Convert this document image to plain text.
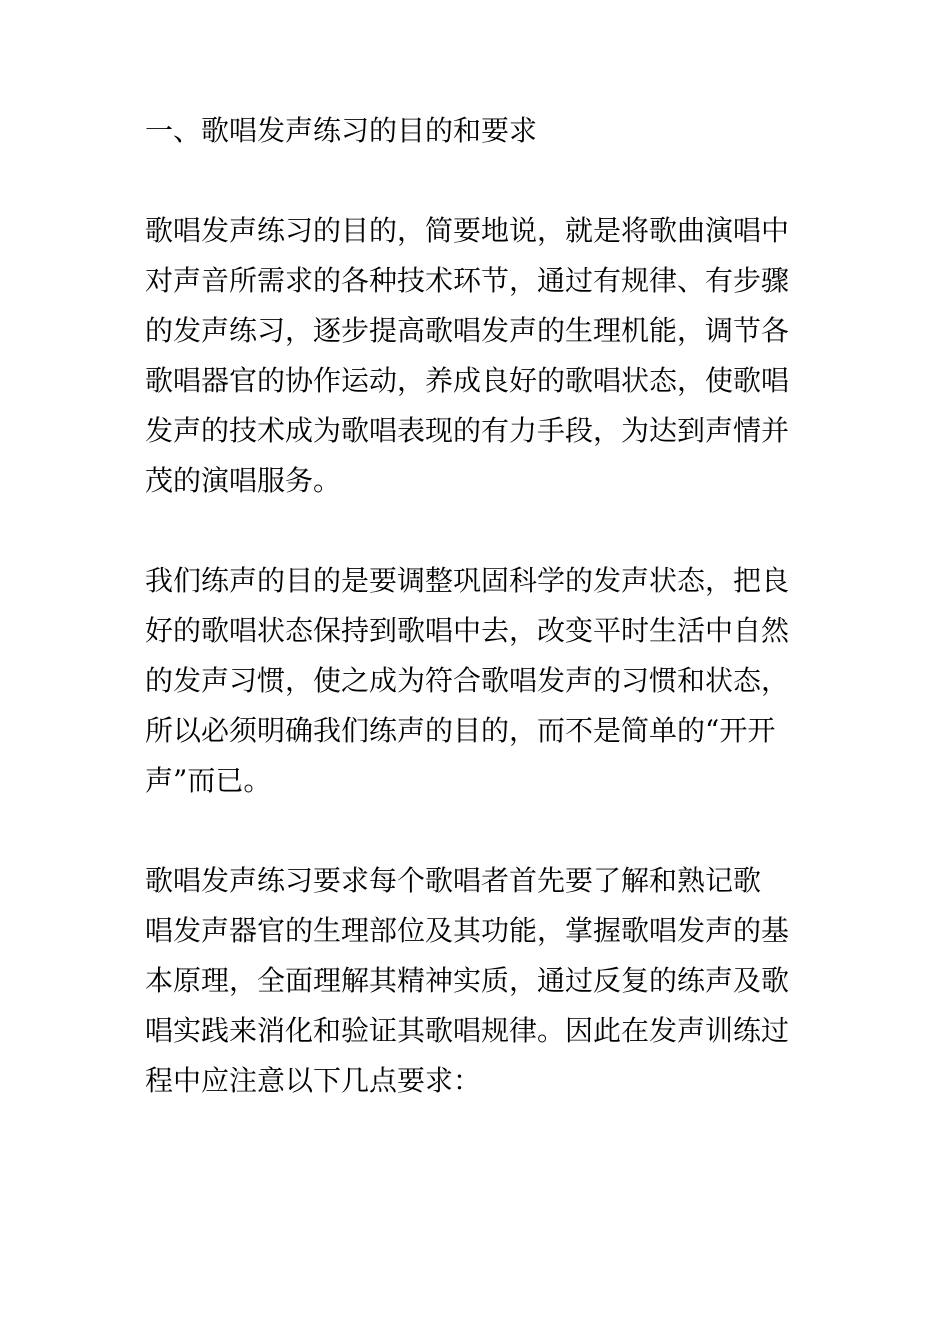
一、歌唱发声练习的目的和要求
歌唱发声练习的目的，简要地说，就是将歌曲演唱中
对声音所需求的各种技术环节，通过有规律、有步骤
的发声练习，逐步提高歌唱发声的生理机能，调节各
歌唱器官的协作运动，养成良好的歌唱状态，使歌唱
发声的技术成为歌唱表现的有力手段，为达到声情并
茂的演唱服务。
我们练声的目的是要调整巩固科学的发声状态，把良
好的歌唱状态保持到歌唱中去，改变平时生活中自然
的发声习惯，使之成为符合歌唱发声的习惯和状态，
所以必须明确我们练声的目的，而不是简单的“开开
声”而已。
歌唱发声练习要求每个歌唱者首先要了解和熟记歌
唱发声器官的生理部位及其功能，掌握歌唱发声的基
本原理，全面理解其精神实质，通过反复的练声及歌
唱实践来消化和验证其歌唱规律。因此在发声训练过
程中应注意以下几点要求：
